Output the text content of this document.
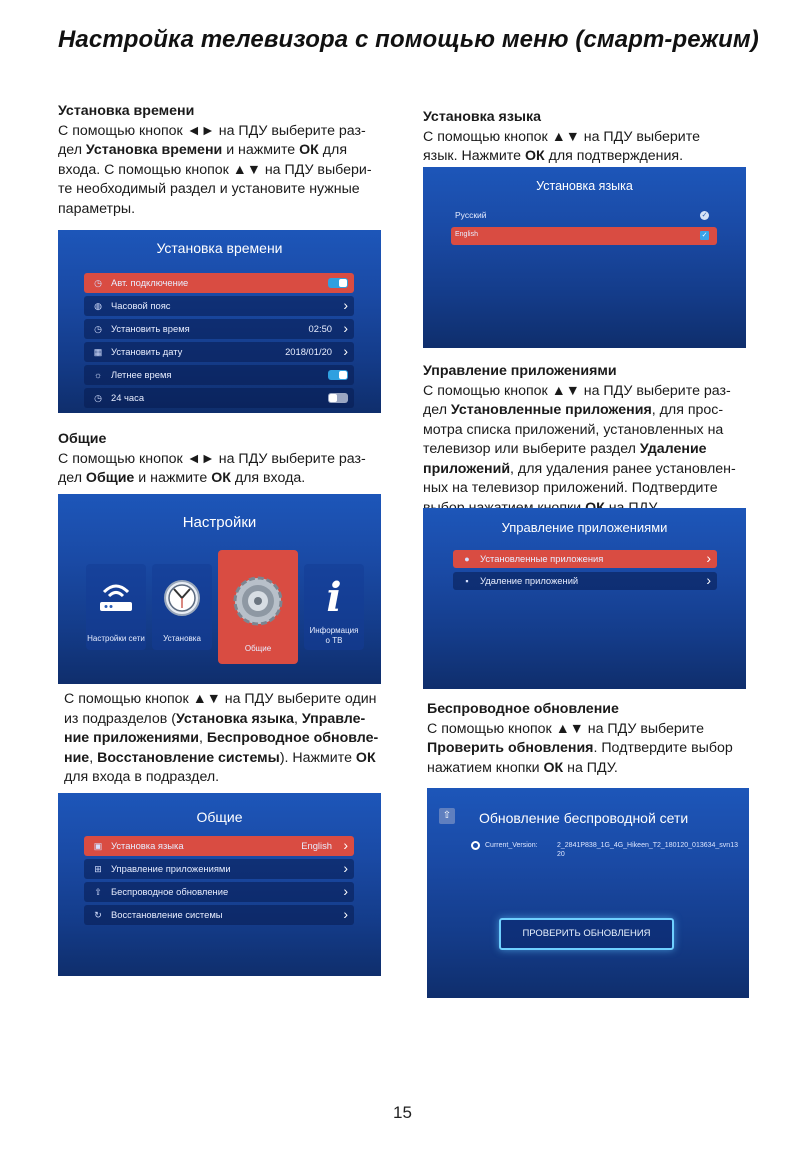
Настройка телевизора с помощью меню (смарт-режим)
Установка времени

С помощью кнопок ◄► на ПДУ выберите раз-

дел Установка времени и нажмите ОК для

входа. С помощью кнопок ▲▼ на ПДУ выбери-

те необходимый раздел и установите нужные

параметры.

Установка времени
◷ Авт. подключение
◍ Часовой пояс	›
◷ Установить время	02:50 ›
▦ Установить дату	2018/01/20 ›
☼ Летнее время
◷ 24 часа
Общие

С помощью кнопок ◄► на ПДУ выберите раз-

дел Общие и нажмите ОК для входа.

Настройки
Настройки сети	Установка
Общие
i
Информация
о ТВ

С помощью кнопок ▲▼ на ПДУ выберите один

из подразделов (Установка языка, Управле-

ние приложениями, Беспроводное обновле-

ние, Восстановление системы). Нажмите ОК

для входа в подраздел.

Общие
▣ Установка языка	English ›
⊞ Управление приложениями	›
⇧ Беспроводное обновление	›
↻ Восстановление системы	›
Установка языка

С помощью кнопок ▲▼ на ПДУ выберите

язык. Нажмите ОК для подтверждения.

Установка языка
Русский	✓
English	✓
Управление приложениями

С помощью кнопок ▲▼ на ПДУ выберите раз-

дел Установленные приложения, для прос-

мотра списка приложений, установленных на

телевизор или выберите раздел Удаление

приложений, для удаления ранее установлен-

ных на телевизор приложений. Подтвердите

Управление приложениями
●	Установленные приложения	›
▪	Удаление приложений	›
Беспроводное обновление

С помощью кнопок ▲▼ на ПДУ выберите

Проверить обновления. Подтвердите выбор

нажатием кнопки ОК на ПДУ.

⇧ Обновление беспроводной сети
Current_Version:	2_2841P838_1G_4G_Hikeen_T2_180120_013634_svn13
20
ПРОВЕРИТЬ ОБНОВЛЕНИЯ
15
